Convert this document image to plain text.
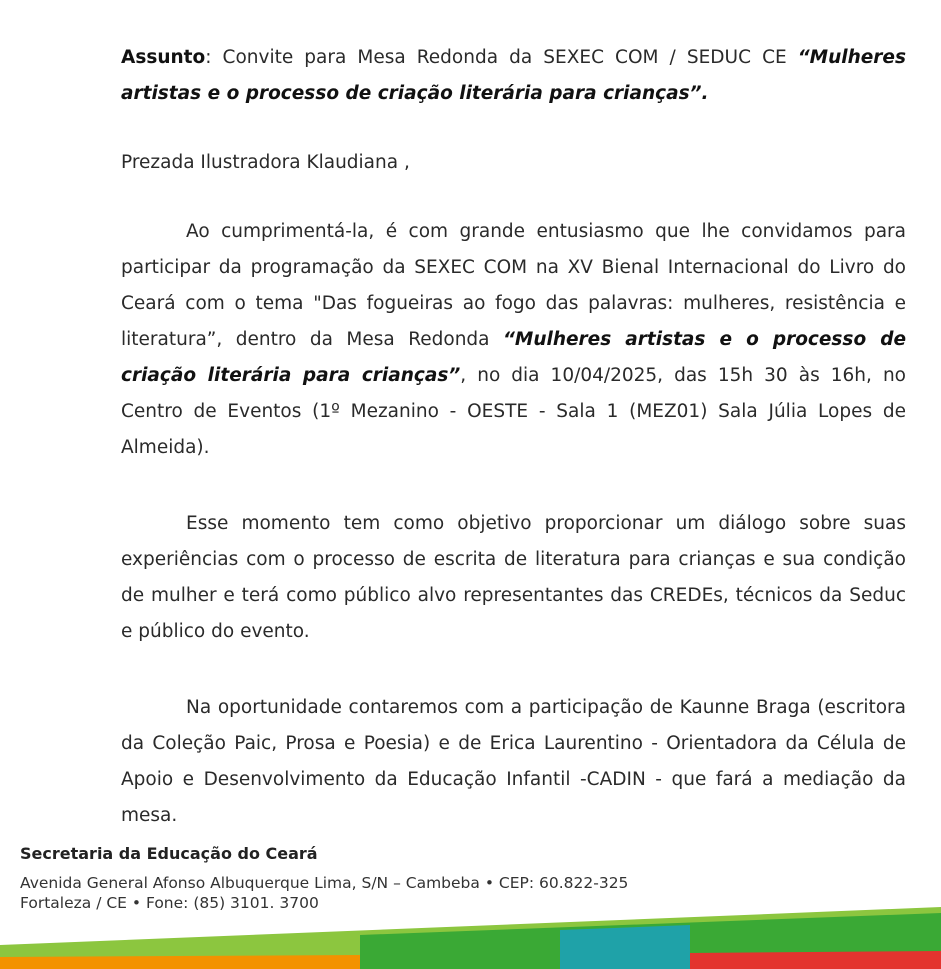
Assunto: Convite para Mesa Redonda da SEXEC COM / SEDUC CE “Mulheres artistas e o processo de criação literária para crianças”.

Prezada Ilustradora Klaudiana ,

Ao cumprimentá-la, é com grande entusiasmo que lhe convidamos para participar da programação da SEXEC COM na XV Bienal Internacional do Livro do Ceará com o tema "Das fogueiras ao fogo das palavras: mulheres, resistência e literatura”, dentro da Mesa Redonda “Mulheres artistas e o processo de criação literária para crianças”, no dia 10/04/2025, das 15h 30 às 16h, no Centro de Eventos (1º Mezanino - OESTE - Sala 1 (MEZ01) Sala Júlia Lopes de Almeida).

Esse momento tem como objetivo proporcionar um diálogo sobre suas experiências com o processo de escrita de literatura para crianças e sua condição de mulher e terá como público alvo representantes das CREDEs, técnicos da Seduc e público do evento.

Na oportunidade contaremos com a participação de Kaunne Braga (escritora da Coleção Paic, Prosa e Poesia) e de Erica Laurentino - Orientadora da Célula de Apoio e Desenvolvimento da Educação Infantil -CADIN - que fará a mediação da mesa.

Secretaria da Educação do Ceará
Avenida General Afonso Albuquerque Lima, S/N – Cambeba • CEP: 60.822-325
Fortaleza / CE • Fone: (85) 3101. 3700
